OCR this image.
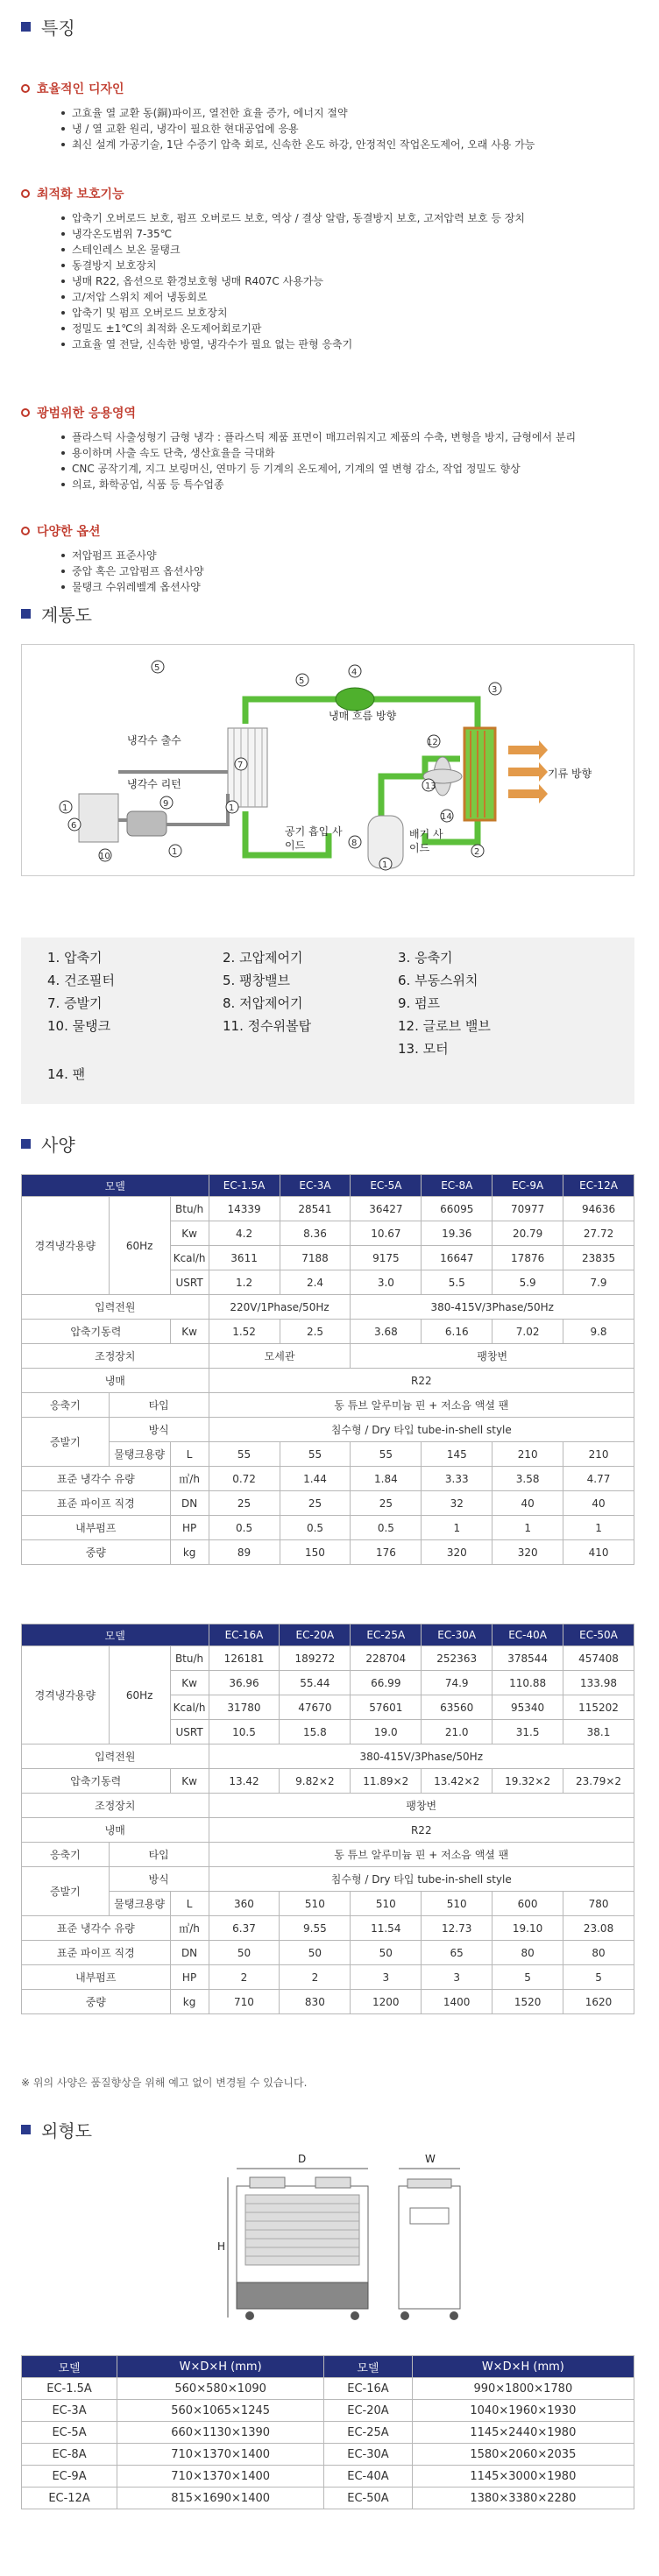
특징
효율적인 디자인
고효율 열 교환 동(銅)파이프, 열전한 효율 증가, 에너지 절약
냉 / 열 교환 원리, 냉각이 필요한 현대공업에 응용
최신 설계 가공기술, 1단 수증기 압축 회로, 신속한 온도 하강, 안정적인 작업온도제어, 오래 사용 가능
최적화 보호기능
압축기 오버로드 보호, 펌프 오버로드 보호, 역상 / 결상 알람, 동결방지 보호, 고저압력 보호 등 장치
냉각온도범위 7-35℃
스테인레스 보온 물탱크
동결방지 보호장치
냉매 R22, 옵션으로 환경보호형 냉매 R407C 사용가능
고/저압 스위치 제어 냉동회로
압축기 및 펌프 오버로드 보호장치
정밀도 ±1℃의 최적화 온도제어회로기판
고효율 열 전달, 신속한 방열, 냉각수가 필요 없는 판형 응축기
광범위한 응용영역
플라스틱 사출성형기 금형 냉각 : 플라스틱 제품 표면이 매끄러워지고 제품의 수축, 변형을 방지, 금형에서 분리
용이하며 사출 속도 단축, 생산효율을 극대화
CNC 공작기계, 지그 보링머신, 연마기 등 기계의 온도제어, 기계의 열 변형 감소, 작업 정밀도 향상
의료, 화학공업, 식품 등 특수업종
다양한 옵션
저압펌프 표준사양
중압 혹은 고압펌프 옵션사양
물탱크 수위레벨계 옵션사양
계통도
7
5
5	4
3
12
13
2
8
1
1
6
9
10	1
1
14
냉각수 출수
냉각수 리턴
냉매 흐름 방향
기류 방향
공기 흡입 사이드
배기 사이드
1. 압축기	2. 고압제어기	3. 응축기
4. 건조필터	5. 팽창밸브	6. 부동스위치
7. 증발기	8. 저압제어기	9. 펌프
10. 물탱크	11. 정수위볼탑	12. 글로브 밸브
13. 모터
14. 팬
사양
모델			EC-1.5A	EC-3A	EC-5A	EC-8A	EC-9A	EC-12A
경격냉각용량	60Hz	Btu/h	14339	28541	36427	66095	70977	94636
		Kw	4.2	8.36	10.67	19.36	20.79	27.72
		Kcal/h	3611	7188	9175	16647	17876	23835
		USRT	1.2	2.4	3.0	5.5	5.9	7.9
입력전원			220V/1Phase/50Hz		380-415V/3Phase/50Hz			
압축기동력		Kw	1.52	2.5	3.68	6.16	7.02	9.8
조정장치			모세관		팽창변			
냉매			R22					
응축기	타입		동 튜브 알루미늄 핀 + 저소음 액셜 팬					
증발기	방식		침수형 / Dry 타입 tube-in-shell style					
	물탱크용량	L	55	55	55	145	210	210
표준 냉각수 유량		㎥/h	0.72	1.44	1.84	3.33	3.58	4.77
표준 파이프 직경		DN	25	25	25	32	40	40
내부펌프		HP	0.5	0.5	0.5	1	1	1
중량		kg	89	150	176	320	320	410
모델			EC-16A	EC-20A	EC-25A	EC-30A	EC-40A	EC-50A
경격냉각용량	60Hz	Btu/h	126181	189272	228704	252363	378544	457408
		Kw	36.96	55.44	66.99	74.9	110.88	133.98
		Kcal/h	31780	47670	57601	63560	95340	115202
		USRT	10.5	15.8	19.0	21.0	31.5	38.1
입력전원			380-415V/3Phase/50Hz					
압축기동력		Kw	13.42	9.82×2	11.89×2	13.42×2	19.32×2	23.79×2
조정장치			팽창변					
냉매			R22					
응축기	타입		동 튜브 알루미늄 핀 + 저소음 액셜 팬					
증발기	방식		침수형 / Dry 타입 tube-in-shell style					
	물탱크용량	L	360	510	510	510	600	780
표준 냉각수 유량		㎥/h	6.37	9.55	11.54	12.73	19.10	23.08
표준 파이프 직경		DN	50	50	50	65	80	80
내부펌프		HP	2	2	3	3	5	5
중량		kg	710	830	1200	1400	1520	1620
※ 위의 사양은 품질향상을 위해 예고 없이 변경될 수 있습니다.
외형도
D	W
H
모델	W×D×H (mm)	모델	W×D×H (mm)
EC-1.5A	560×580×1090	EC-16A	990×1800×1780
EC-3A	560×1065×1245	EC-20A	1040×1960×1930
EC-5A	660×1130×1390	EC-25A	1145×2440×1980
EC-8A	710×1370×1400	EC-30A	1580×2060×2035
EC-9A	710×1370×1400	EC-40A	1145×3000×1980
EC-12A	815×1690×1400	EC-50A	1380×3380×2280
